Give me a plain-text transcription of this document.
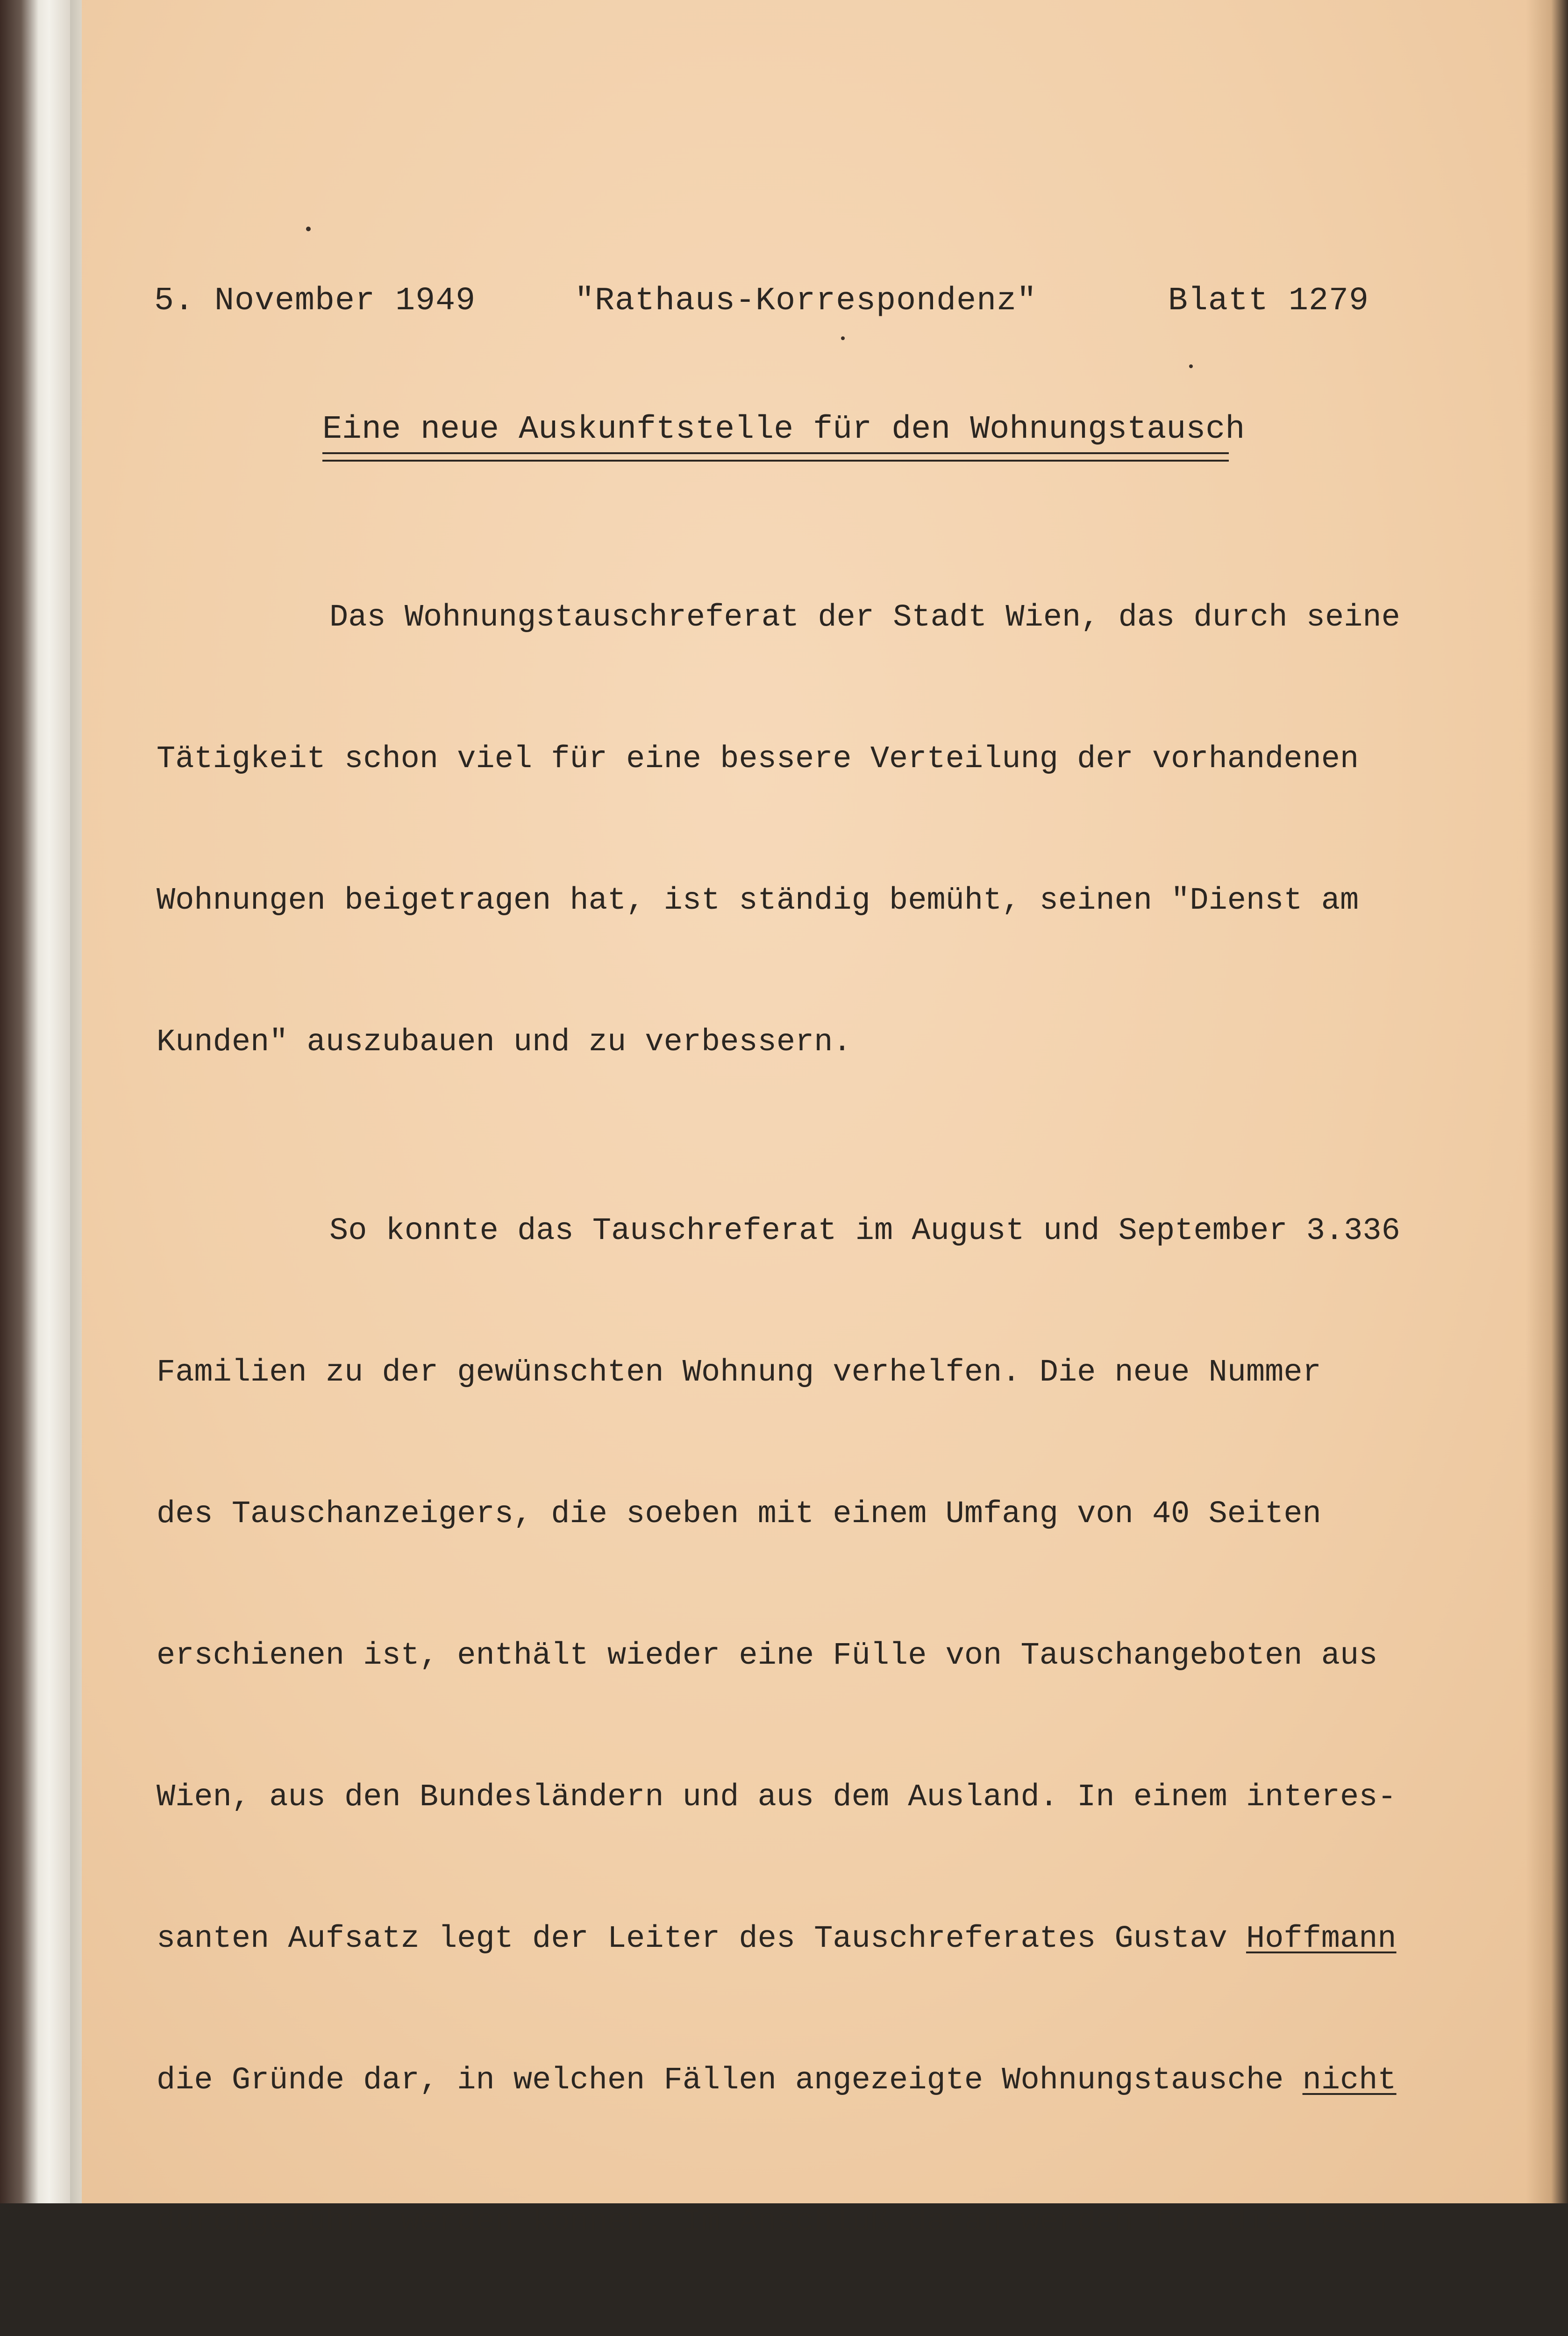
5. November 1949	"Rathaus-Korrespondenz"	Blatt 1279
Eine neue Auskunftstelle für den Wohnungstausch

Das Wohnungstauschreferat der Stadt Wien, das durch seine

Tätigkeit schon viel für eine bessere Verteilung der vorhandenen

Wohnungen beigetragen hat, ist ständig bemüht, seinen "Dienst am

Kunden" auszubauen und zu verbessern.

So konnte das Tauschreferat im August und September 3.336

Familien zu der gewünschten Wohnung verhelfen. Die neue Nummer

des Tauschanzeigers, die soeben mit einem Umfang von 40 Seiten

erschienen ist, enthält wieder eine Fülle von Tauschangeboten aus

Wien, aus den Bundesländern und aus dem Ausland. In einem interes-

santen Aufsatz legt der Leiter des Tauschreferates Gustav Hoffmann

die Gründe dar, in welchen Fällen angezeigte Wohnungstausche nicht

durchgeführt werden können. Im Anschluß daran werden für die Leser
